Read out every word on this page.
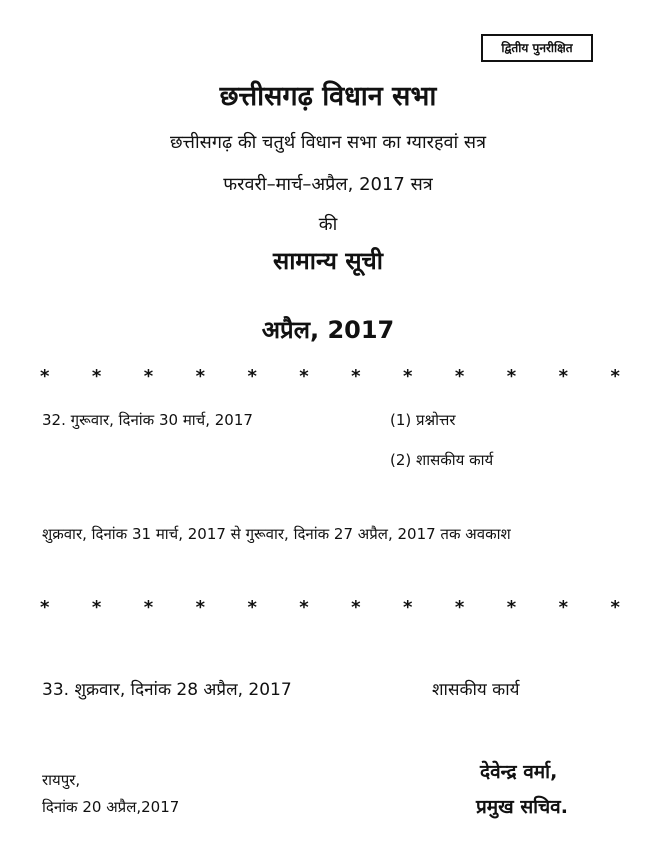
द्वितीय पुनरीक्षित
छत्तीसगढ़ विधान सभा
छत्तीसगढ़ की चतुर्थ विधान सभा का ग्यारहवां सत्र
फरवरी–मार्च–अप्रैल, 2017 सत्र
की
सामान्य सूची
अप्रैल, 2017
* * * * * * * * * * * *
32. गुरूवार, दिनांक 30 मार्च, 2017	(1) प्रश्नोत्तर
(2) शासकीय कार्य
शुक्रवार, दिनांक 31 मार्च, 2017 से गुरूवार, दिनांक 27 अप्रैल, 2017 तक अवकाश
* * * * * * * * * * * *
33. शुक्रवार, दिनांक 28 अप्रैल, 2017	शासकीय कार्य
रायपुर,
दिनांक 20 अप्रैल,2017
देवेन्द्र वर्मा,
प्रमुख सचिव.
